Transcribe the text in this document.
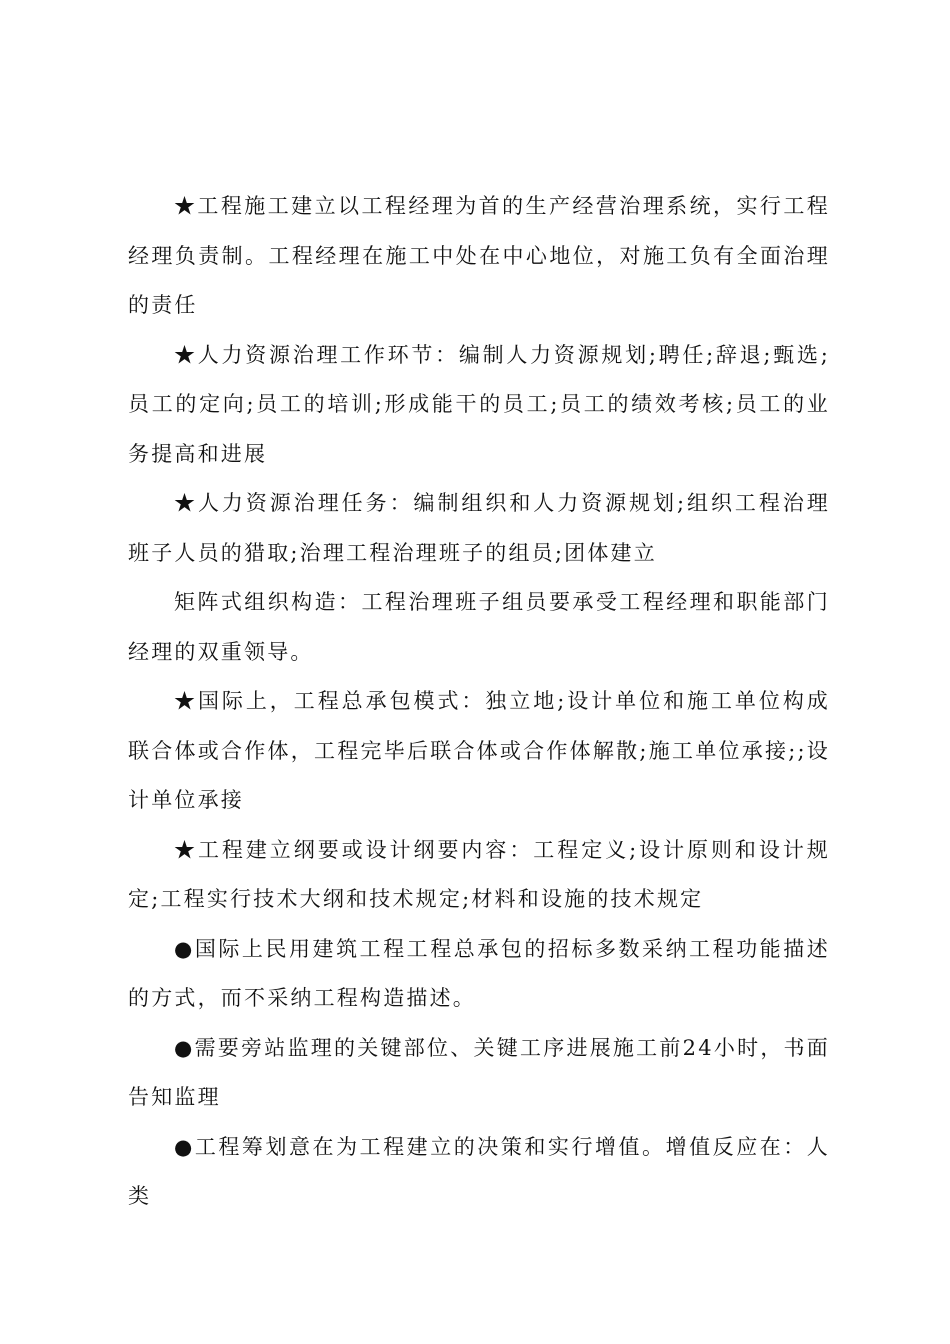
★工程施工建立以工程经理为首的生产经营治理系统，实行工程经理负责制。工程经理在施工中处在中心地位，对施工负有全面治理的责任

★人力资源治理工作环节：编制人力资源规划;聘任;辞退;甄选;员工的定向;员工的培训;形成能干的员工;员工的绩效考核;员工的业务提高和进展

★人力资源治理任务：编制组织和人力资源规划;组织工程治理班子人员的猎取;治理工程治理班子的组员;团体建立

矩阵式组织构造：工程治理班子组员要承受工程经理和职能部门经理的双重领导。

★国际上，工程总承包模式：独立地;设计单位和施工单位构成联合体或合作体，工程完毕后联合体或合作体解散;施工单位承接;;设计单位承接

★工程建立纲要或设计纲要内容：工程定义;设计原则和设计规定;工程实行技术大纲和技术规定;材料和设施的技术规定

●国际上民用建筑工程工程总承包的招标多数采纳工程功能描述的方式，而不采纳工程构造描述。

●需要旁站监理的关键部位、关键工序进展施工前24小时，书面告知监理

●工程筹划意在为工程建立的决策和实行增值。增值反应在：人类
